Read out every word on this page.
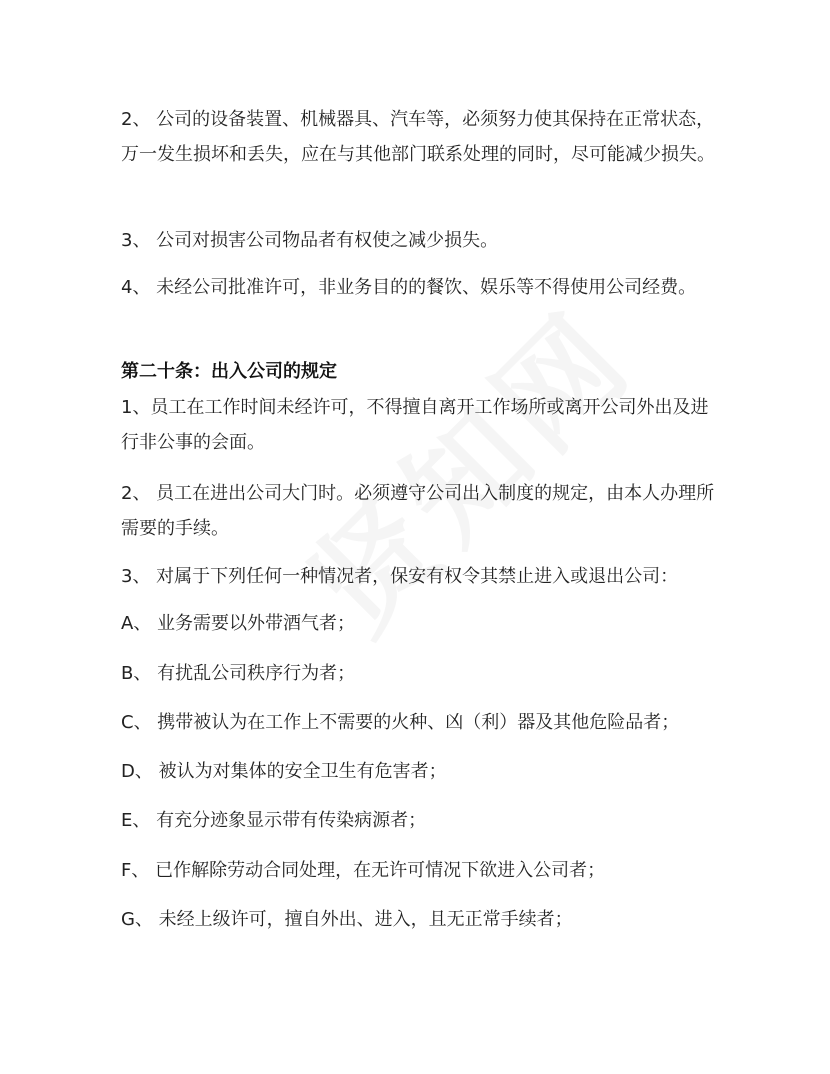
2、 公司的设备装置、机械器具、汽车等，必须努力使其保持在正常状态，万一发生损坏和丢失，应在与其他部门联系处理的同时，尽可能减少损失。

3、 公司对损害公司物品者有权使之减少损失。

4、 未经公司批准许可，非业务目的的餐饮、娱乐等不得使用公司经费。

第二十条：出入公司的规定

1、员工在工作时间未经许可，不得擅自离开工作场所或离开公司外出及进行非公事的会面。

2、 员工在进出公司大门时。必须遵守公司出入制度的规定，由本人办理所需要的手续。

3、 对属于下列任何一种情况者，保安有权令其禁止进入或退出公司：

A、 业务需要以外带酒气者；

B、 有扰乱公司秩序行为者；

C、 携带被认为在工作上不需要的火种、凶（利）器及其他危险品者；

D、 被认为对集体的安全卫生有危害者；

E、 有充分迹象显示带有传染病源者；

F、 已作解除劳动合同处理，在无许可情况下欲进入公司者；

G、 未经上级许可，擅自外出、进入，且无正常手续者；
